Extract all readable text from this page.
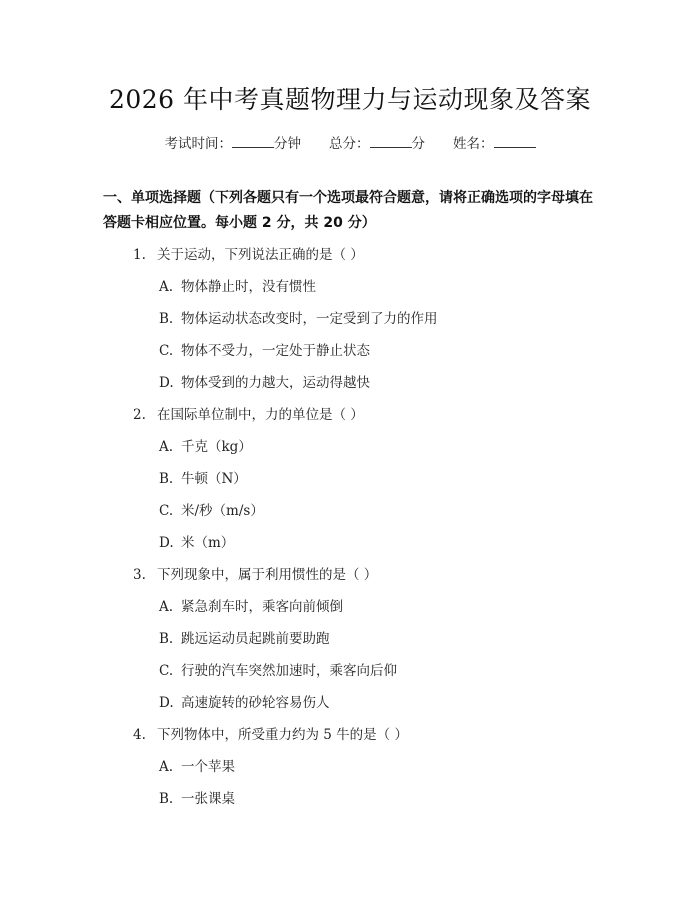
2026 年中考真题物理力与运动现象及答案
考试时间：	分钟 总分：	分 姓名：
一、单项选择题（下列各题只有一个选项最符合题意，请将正确选项的字母填在答题卡相应位置。每小题 2 分，共 20 分）
1. 关于运动，下列说法正确的是（ ）
A. 物体静止时，没有惯性
B. 物体运动状态改变时，一定受到了力的作用
C. 物体不受力，一定处于静止状态
D. 物体受到的力越大，运动得越快
2. 在国际单位制中，力的单位是（ ）
A. 千克（kg）
B. 牛顿（N）
C. 米/秒（m/s）
D. 米（m）
3. 下列现象中，属于利用惯性的是（ ）
A. 紧急刹车时，乘客向前倾倒
B. 跳远运动员起跳前要助跑
C. 行驶的汽车突然加速时，乘客向后仰
D. 高速旋转的砂轮容易伤人
4. 下列物体中，所受重力约为 5 牛的是（ ）
A. 一个苹果
B. 一张课桌
